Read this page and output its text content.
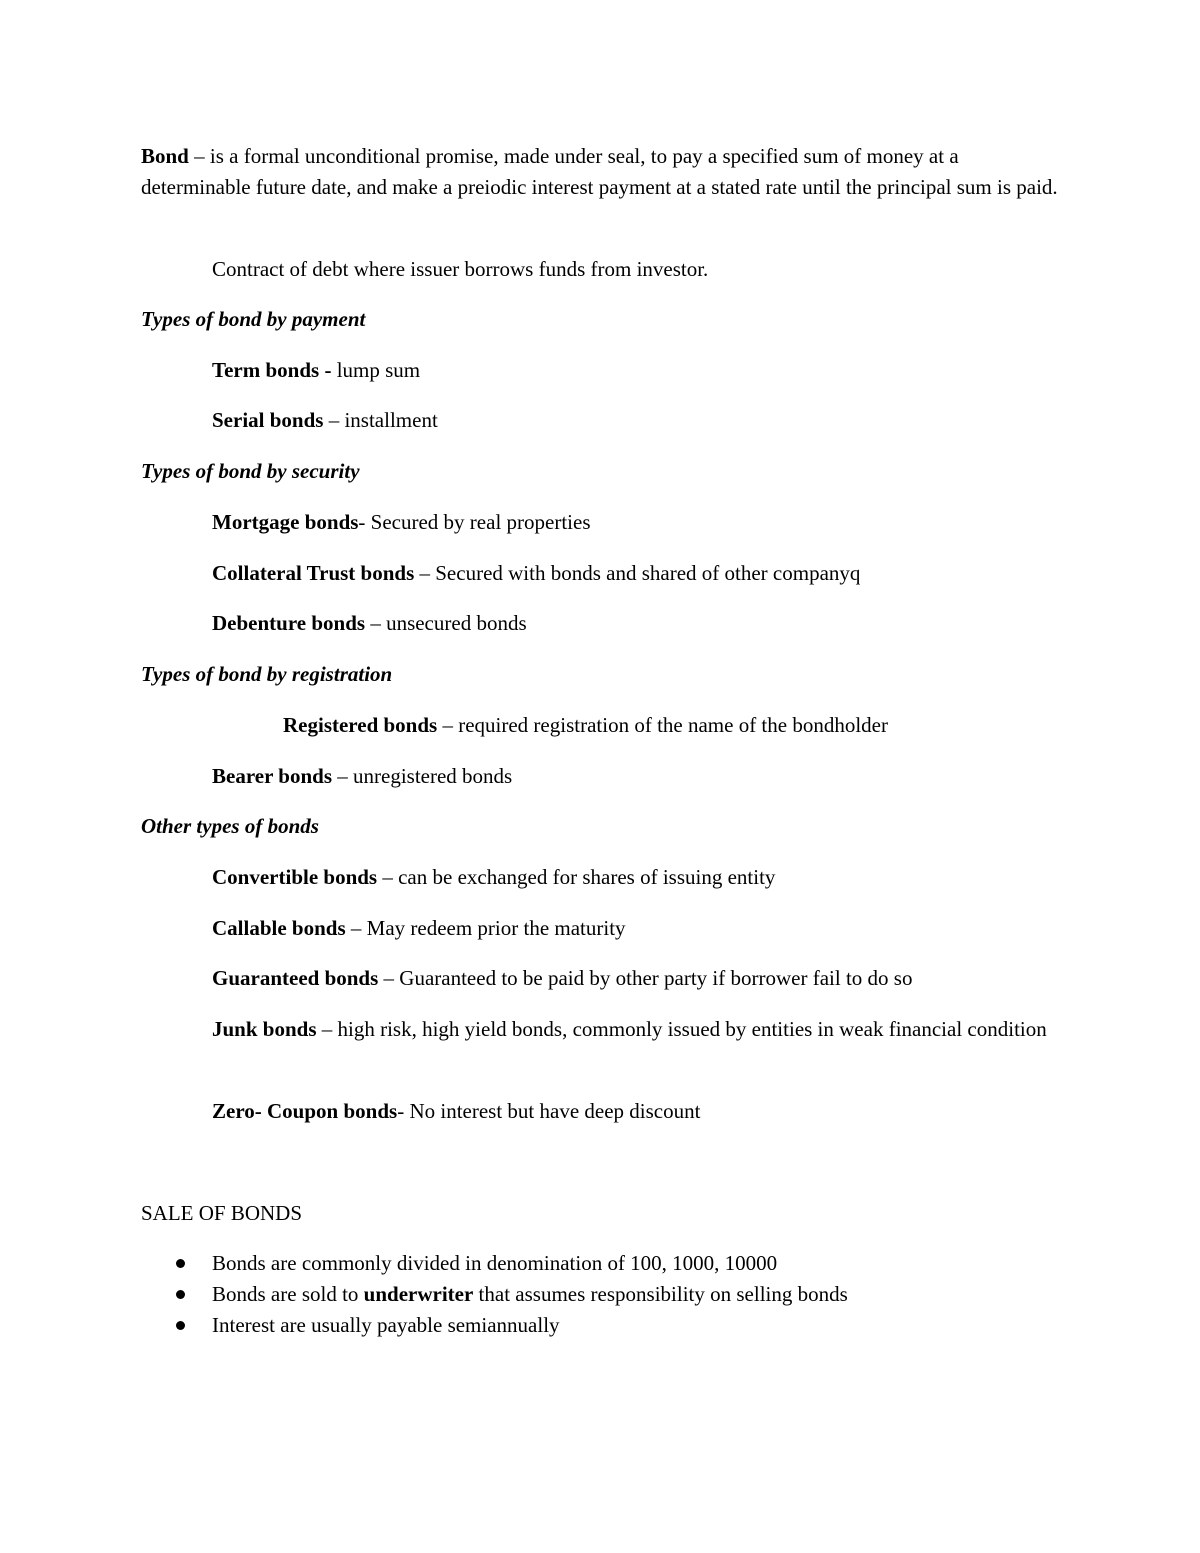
Bond – is a formal unconditional promise, made under seal, to pay a specified sum of money at a determinable future date, and make a preiodic interest payment at a stated rate until the principal sum is paid.
Contract of debt where issuer borrows funds from investor.
Types of bond by payment
Term bonds - lump sum
Serial bonds – installment
Types of bond by security
Mortgage bonds- Secured by real properties
Collateral Trust bonds – Secured with bonds and shared of other companyq
Debenture bonds – unsecured bonds
Types of bond by registration
Registered bonds – required registration of the name of the bondholder
Bearer bonds – unregistered bonds
Other types of bonds
Convertible bonds – can be exchanged for shares of issuing entity
Callable bonds – May redeem prior the maturity
Guaranteed bonds – Guaranteed to be paid by other party if borrower fail to do so
Junk bonds – high risk, high yield bonds, commonly issued by entities in weak financial condition
Zero- Coupon bonds- No interest but have deep discount
SALE OF BONDS
Bonds are commonly divided in denomination of 100, 1000, 10000
Bonds are sold to underwriter that assumes responsibility on selling bonds
Interest are usually payable semiannually
